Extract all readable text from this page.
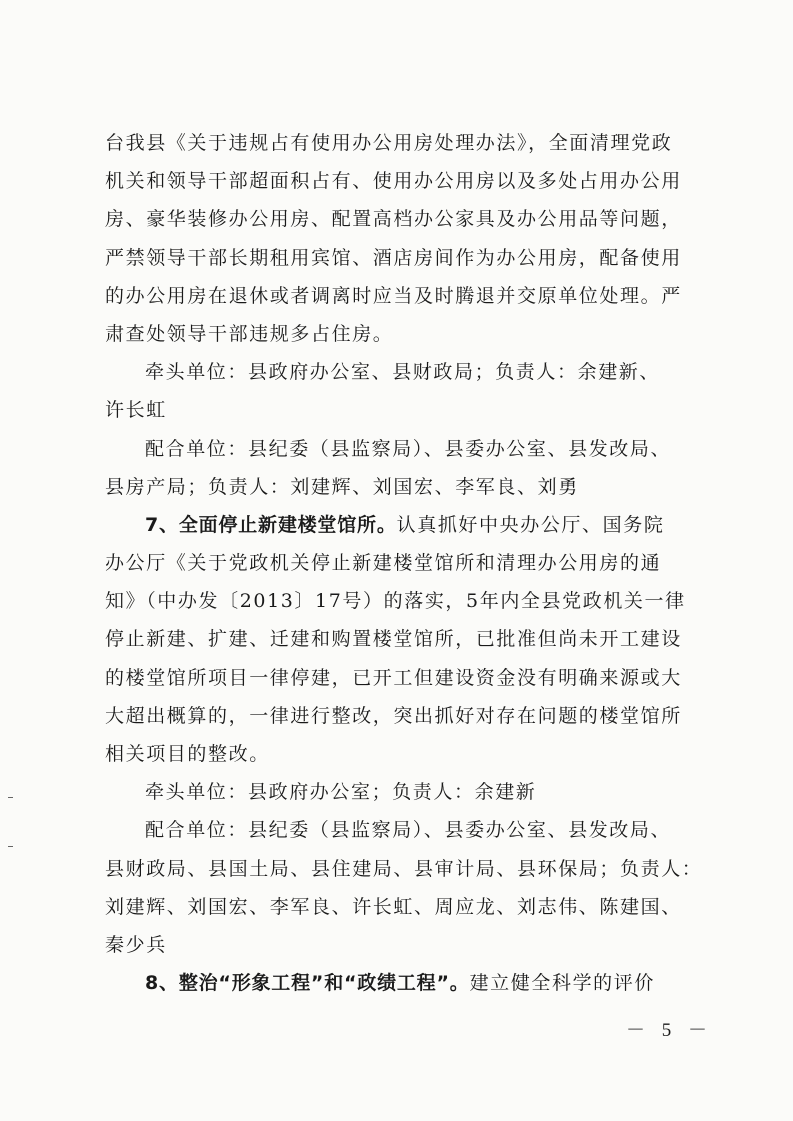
台我县《关于违规占有使用办公用房处理办法》，全面清理党政
机关和领导干部超面积占有、使用办公用房以及多处占用办公用
房、豪华装修办公用房、配置高档办公家具及办公用品等问题，
严禁领导干部长期租用宾馆、酒店房间作为办公用房，配备使用
的办公用房在退休或者调离时应当及时腾退并交原单位处理。严
肃查处领导干部违规多占住房。
牵头单位：县政府办公室、县财政局；负责人：余建新、
许长虹
配合单位：县纪委（县监察局）、县委办公室、县发改局、
县房产局；负责人：刘建辉、刘国宏、李军良、刘勇
7、全面停止新建楼堂馆所。认真抓好中央办公厅、国务院
办公厅《关于党政机关停止新建楼堂馆所和清理办公用房的通
知》（中办发〔2013〕17号）的落实，5年内全县党政机关一律
停止新建、扩建、迁建和购置楼堂馆所，已批准但尚未开工建设
的楼堂馆所项目一律停建，已开工但建设资金没有明确来源或大
大超出概算的，一律进行整改，突出抓好对存在问题的楼堂馆所
相关项目的整改。
牵头单位：县政府办公室；负责人：余建新
配合单位：县纪委（县监察局）、县委办公室、县发改局、
县财政局、县国土局、县住建局、县审计局、县环保局；负责人：
刘建辉、刘国宏、李军良、许长虹、周应龙、刘志伟、陈建国、
秦少兵
8、整治“形象工程”和“政绩工程”。建立健全科学的评价
－ 5 －
